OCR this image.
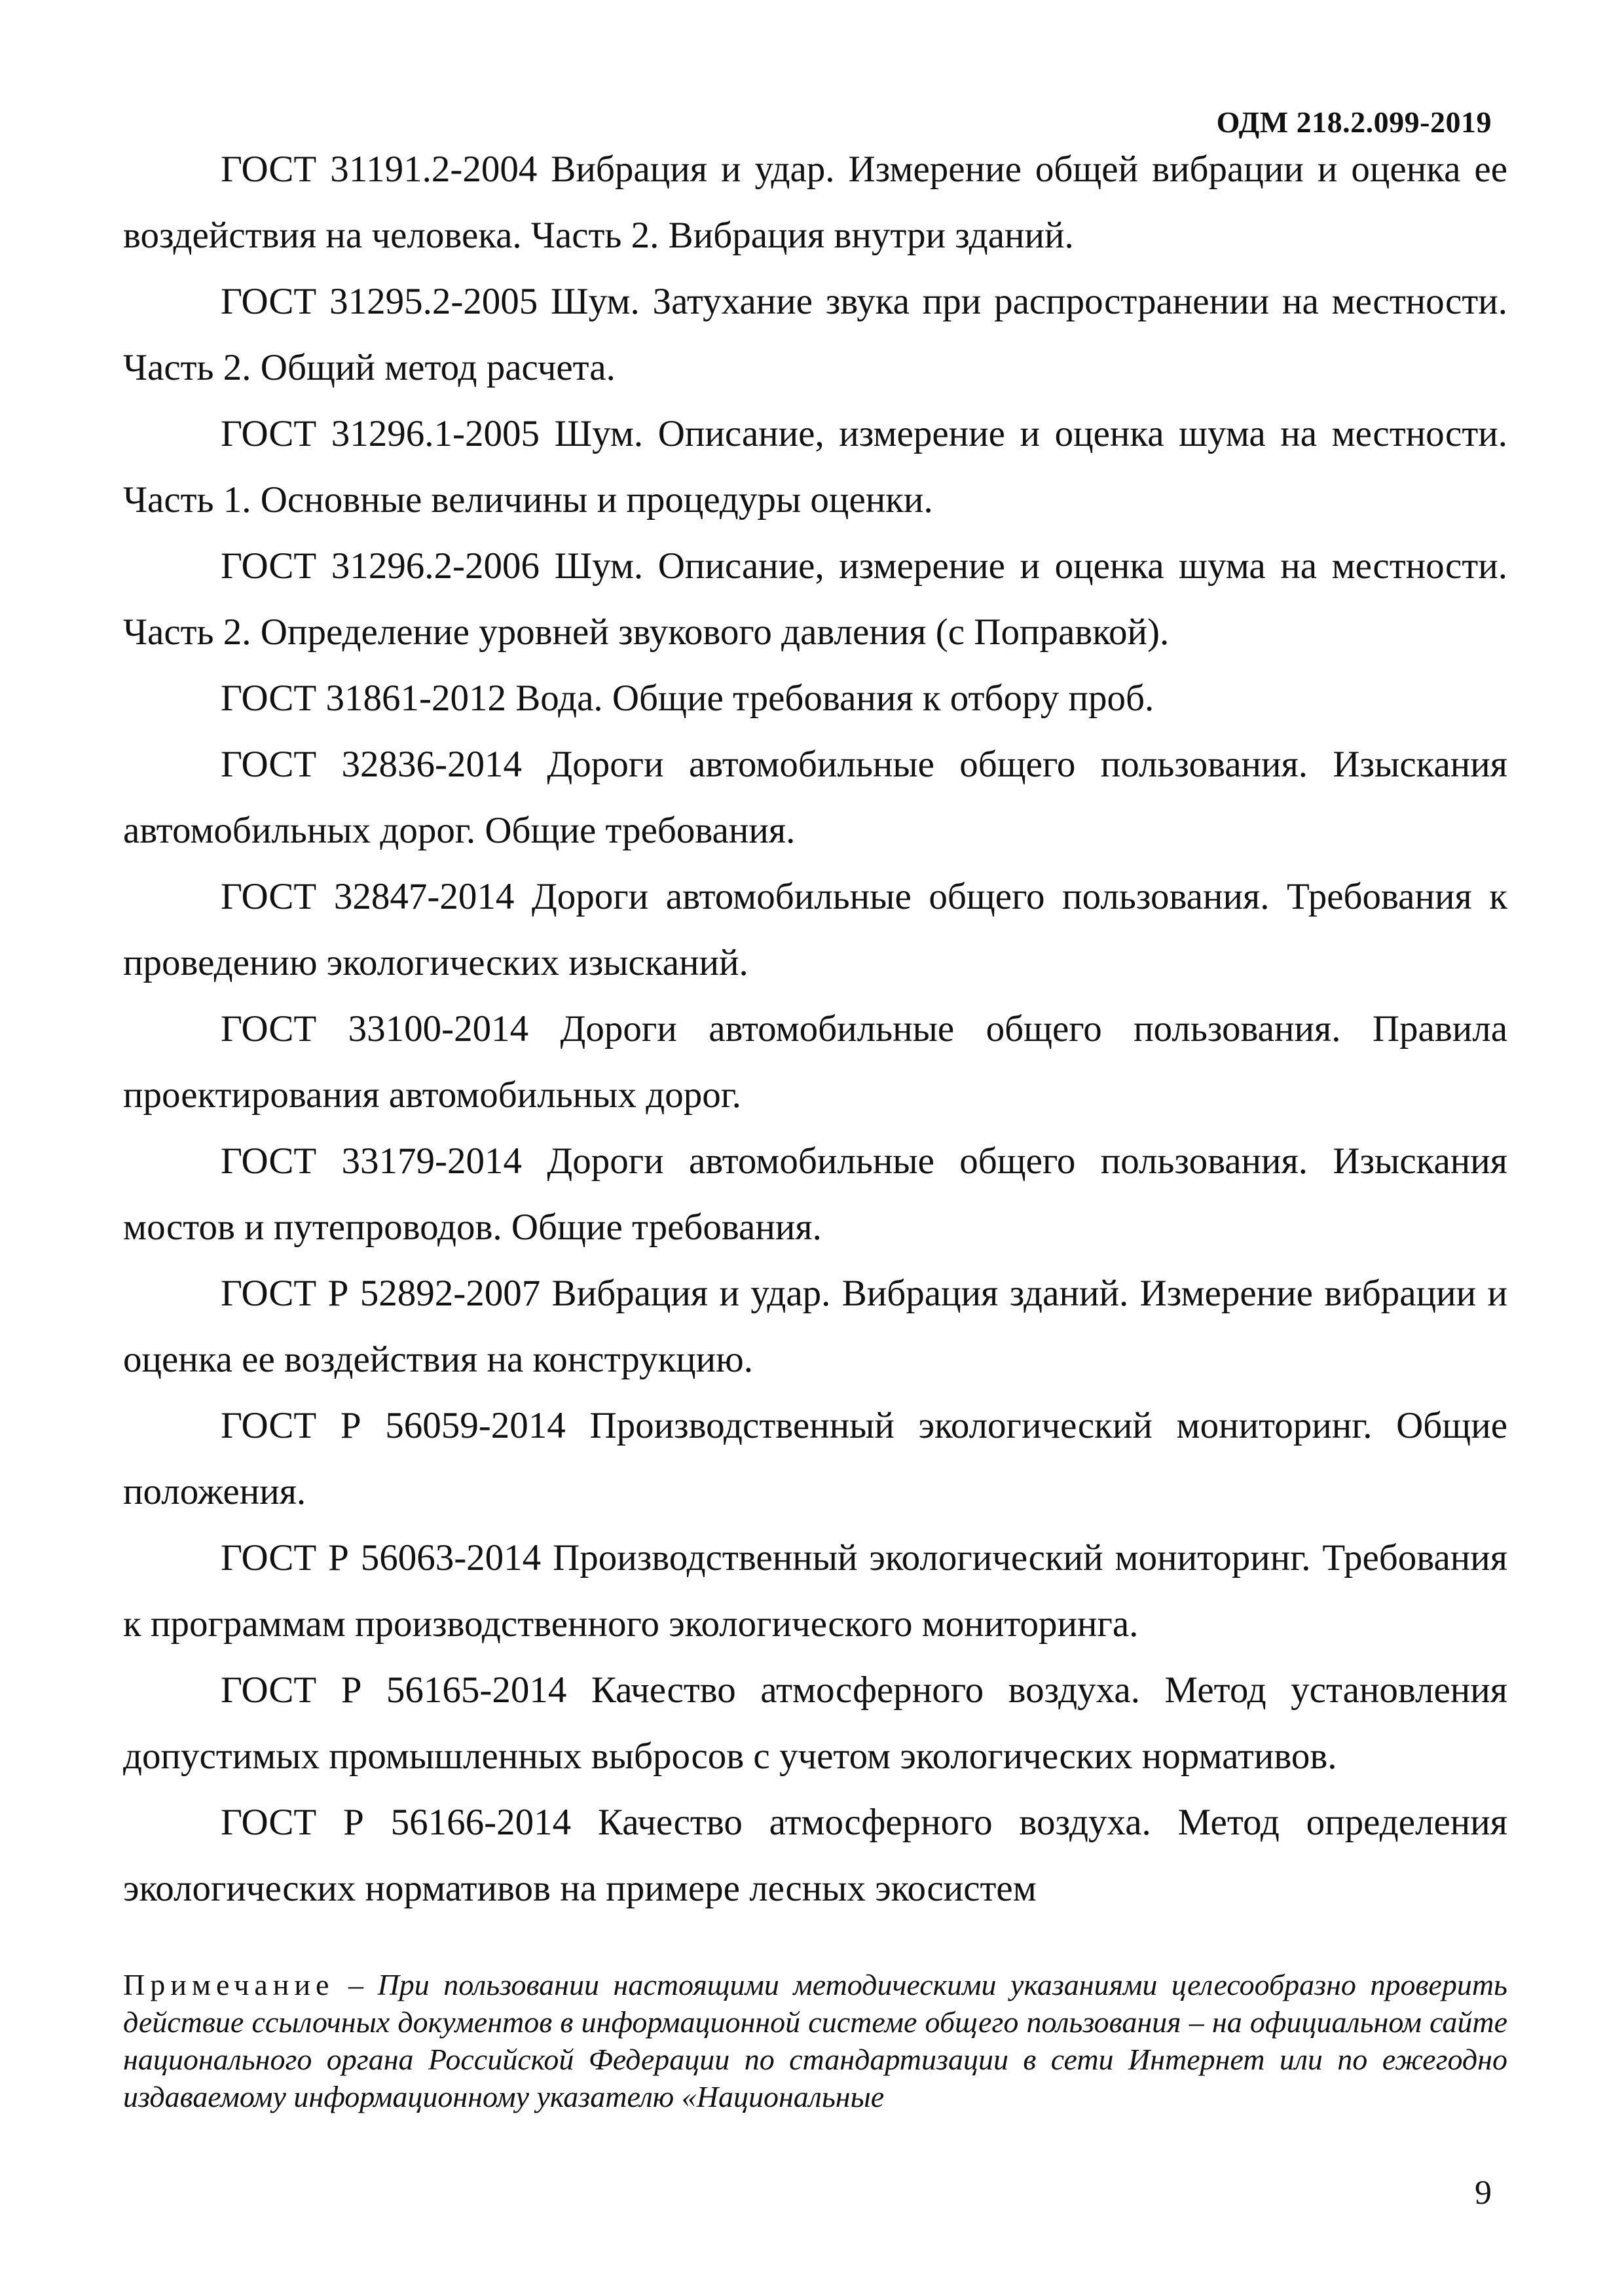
ОДМ 218.2.099-2019

ГОСТ 31191.2-2004 Вибрация и удар. Измерение общей вибрации и оценка ее воздействия на человека. Часть 2. Вибрация внутри зданий.

ГОСТ 31295.2-2005 Шум. Затухание звука при распространении на местности. Часть 2. Общий метод расчета.

ГОСТ 31296.1-2005 Шум. Описание, измерение и оценка шума на местности. Часть 1. Основные величины и процедуры оценки.

ГОСТ 31296.2-2006 Шум. Описание, измерение и оценка шума на местности. Часть 2. Определение уровней звукового давления (с Поправкой).

ГОСТ 31861-2012 Вода. Общие требования к отбору проб.

ГОСТ 32836-2014 Дороги автомобильные общего пользования. Изыскания автомобильных дорог. Общие требования.

ГОСТ 32847-2014 Дороги автомобильные общего пользования. Требования к проведению экологических изысканий.

ГОСТ 33100-2014 Дороги автомобильные общего пользования. Правила проектирования автомобильных дорог.

ГОСТ 33179-2014 Дороги автомобильные общего пользования. Изыскания мостов и путепроводов. Общие требования.

ГОСТ Р 52892-2007 Вибрация и удар. Вибрация зданий. Измерение вибрации и оценка ее воздействия на конструкцию.

ГОСТ Р 56059-2014 Производственный экологический мониторинг. Общие положения.

ГОСТ Р 56063-2014 Производственный экологический мониторинг. Требования к программам производственного экологического мониторинга.

ГОСТ Р 56165-2014 Качество атмосферного воздуха. Метод установления допустимых промышленных выбросов с учетом экологических нормативов.

ГОСТ Р 56166-2014 Качество атмосферного воздуха. Метод определения экологических нормативов на примере лесных экосистем

Примечание – При пользовании настоящими методическими указаниями целесообразно проверить действие ссылочных документов в информационной системе общего пользования – на официальном сайте национального органа Российской Федерации по стандартизации в сети Интернет или по ежегодно издаваемому информационному указателю «Национальные

9
